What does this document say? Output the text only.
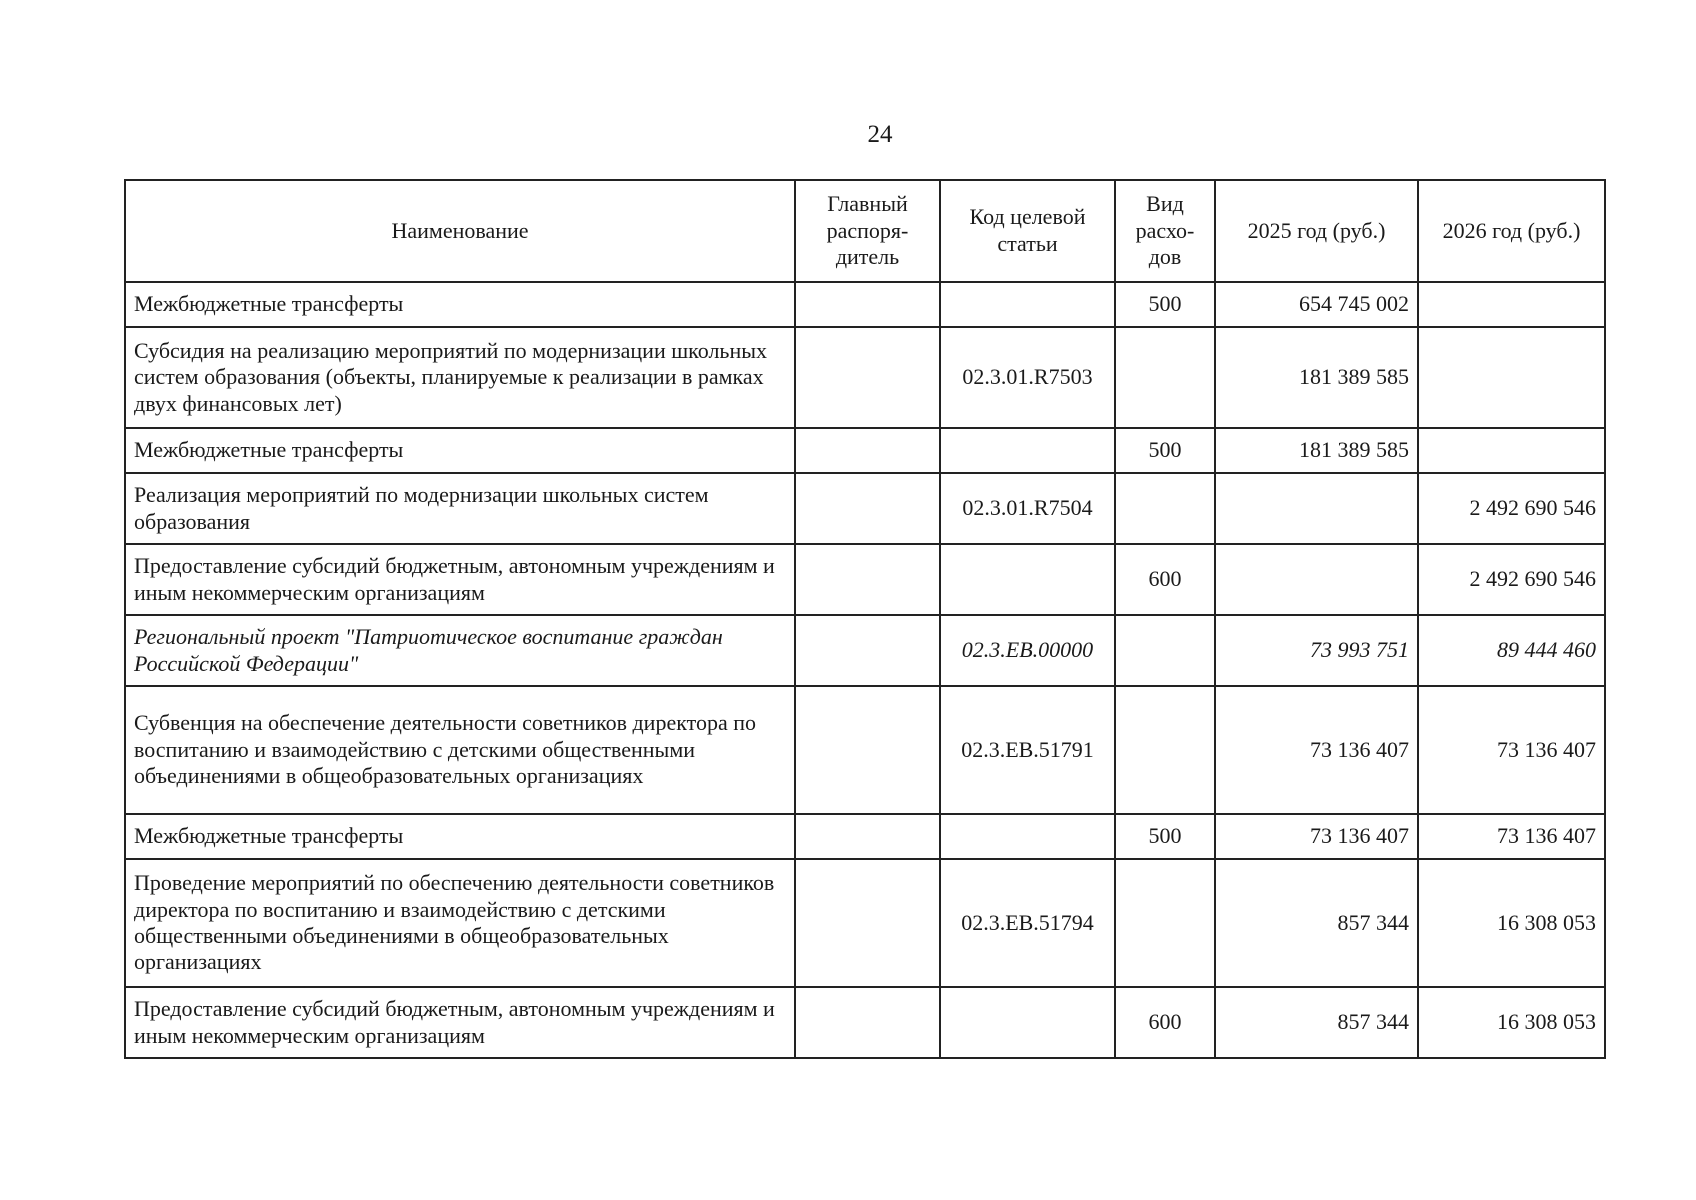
24
Наименование	Главный распоря-дитель	Код целевой статьи	Вид расхо-дов	2025 год (руб.)	2026 год (руб.)
Межбюджетные трансферты			500	654 745 002	
Субсидия на реализацию мероприятий по модернизации школьных систем образования (объекты, планируемые к реализации в рамках двух финансовых лет)		02.3.01.R7503		181 389 585	
Межбюджетные трансферты			500	181 389 585	
Реализация мероприятий по модернизации школьных систем образования		02.3.01.R7504			2 492 690 546
Предоставление субсидий бюджетным, автономным учреждениям и иным некоммерческим организациям			600		2 492 690 546
Региональный проект "Патриотическое воспитание граждан Российской Федерации"		02.3.ЕВ.00000		73 993 751	89 444 460
Субвенция на обеспечение деятельности советников директора по воспитанию и взаимодействию с детскими общественными объединениями в общеобразовательных организациях		02.3.ЕВ.51791		73 136 407	73 136 407
Межбюджетные трансферты			500	73 136 407	73 136 407
Проведение мероприятий по обеспечению деятельности советников директора по воспитанию и взаимодействию с детскими общественными объединениями в общеобразовательных организациях		02.3.ЕВ.51794		857 344	16 308 053
Предоставление субсидий бюджетным, автономным учреждениям и иным некоммерческим организациям			600	857 344	16 308 053
